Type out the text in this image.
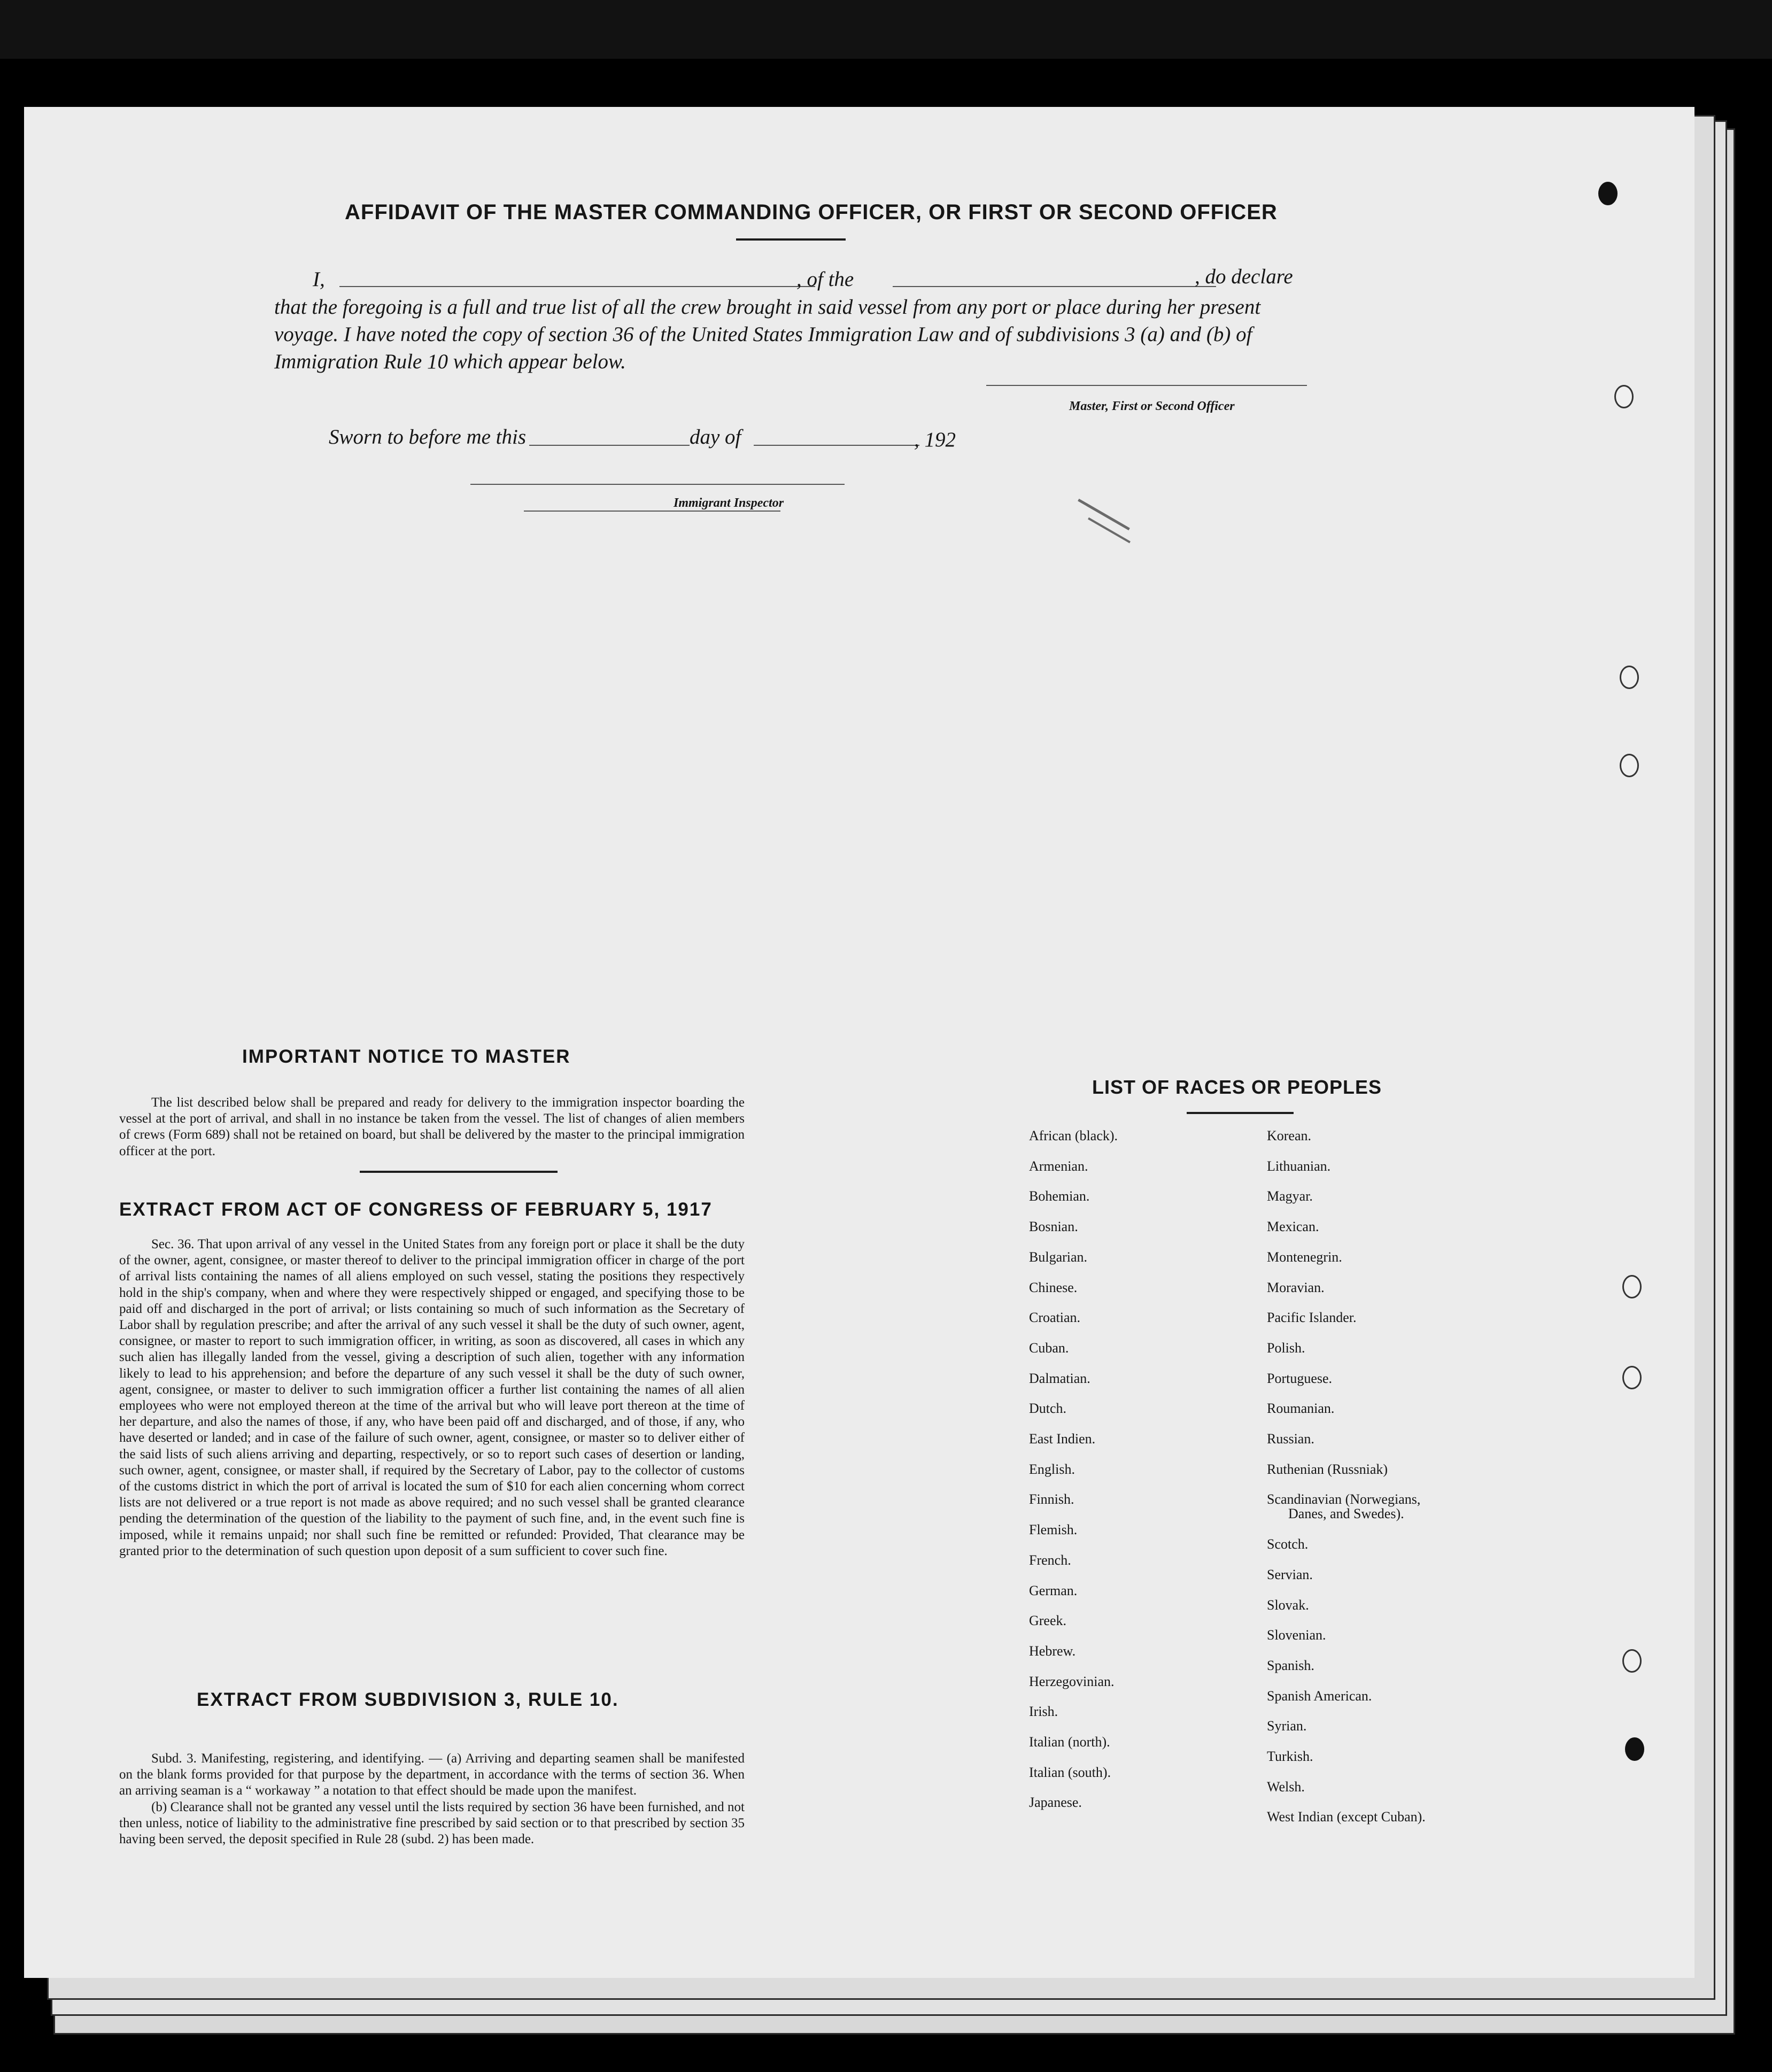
AFFIDAVIT OF THE MASTER COMMANDING OFFICER, OR FIRST OR SECOND OFFICER
I,	, of the	, do declare
that the foregoing is a full and true list of all the crew brought in said vessel from any port or place during her present
voyage. I have noted the copy of section 36 of the United States Immigration Law and of subdivisions 3 (a) and (b) of
Immigration Rule 10 which appear below.
Master, First or Second Officer
Sworn to before me this	day of	, 192
Immigrant Inspector
IMPORTANT NOTICE TO MASTER
The list described below shall be prepared and ready for delivery to the immigration inspector boarding the vessel at the port of arrival, and shall in no instance be taken from the vessel. The list of changes of alien members of crews (Form 689) shall not be retained on board, but shall be delivered by the master to the principal immigration officer at the port.
EXTRACT FROM ACT OF CONGRESS OF FEBRUARY 5, 1917
Sec. 36. That upon arrival of any vessel in the United States from any foreign port or place it shall be the duty of the owner, agent, consignee, or master thereof to deliver to the principal immigration officer in charge of the port of arrival lists containing the names of all aliens employed on such vessel, stating the positions they respectively hold in the ship's company, when and where they were respectively shipped or engaged, and specifying those to be paid off and discharged in the port of arrival; or lists containing so much of such information as the Secretary of Labor shall by regulation prescribe; and after the arrival of any such vessel it shall be the duty of such owner, agent, consignee, or master to report to such immigration officer, in writing, as soon as discovered, all cases in which any such alien has illegally landed from the vessel, giving a description of such alien, together with any information likely to lead to his apprehension; and before the departure of any such vessel it shall be the duty of such owner, agent, consignee, or master to deliver to such immigration officer a further list containing the names of all alien employees who were not employed thereon at the time of the arrival but who will leave port thereon at the time of her departure, and also the names of those, if any, who have been paid off and discharged, and of those, if any, who have deserted or landed; and in case of the failure of such owner, agent, consignee, or master so to deliver either of the said lists of such aliens arriving and departing, respectively, or so to report such cases of desertion or landing, such owner, agent, consignee, or master shall, if required by the Secretary of Labor, pay to the collector of customs of the customs district in which the port of arrival is located the sum of $10 for each alien concerning whom correct lists are not delivered or a true report is not made as above required; and no such vessel shall be granted clearance pending the determination of the question of the liability to the payment of such fine, and, in the event such fine is imposed, while it remains unpaid; nor shall such fine be remitted or refunded: Provided, That clearance may be granted prior to the determination of such question upon deposit of a sum sufficient to cover such fine.
EXTRACT FROM SUBDIVISION 3, RULE 10.

Subd. 3. Manifesting, registering, and identifying. — (a) Arriving and departing seamen shall be manifested on the blank forms provided for that purpose by the department, in accordance with the terms of section 36. When an arriving seaman is a “ workaway ” a notation to that effect should be made upon the manifest.

(b) Clearance shall not be granted any vessel until the lists required by section 36 have been furnished, and not then unless, notice of liability to the administrative fine prescribed by said section or to that prescribed by section 35 having been served, the deposit specified in Rule 28 (subd. 2) has been made.

LIST OF RACES OR PEOPLES
African (black).
Armenian.
Bohemian.
Bosnian.
Bulgarian.
Chinese.
Croatian.
Cuban.
Dalmatian.
Dutch.
East Indien.
English.
Finnish.
Flemish.
French.
German.
Greek.
Hebrew.
Herzegovinian.
Irish.
Italian (north).
Italian (south).
Japanese.
Korean.
Lithuanian.
Magyar.
Mexican.
Montenegrin.
Moravian.
Pacific Islander.
Polish.
Portuguese.
Roumanian.
Russian.
Ruthenian (Russniak)
Scandinavian (Norwegians,
Danes, and Swedes).
Scotch.
Servian.
Slovak.
Slovenian.
Spanish.
Spanish American.
Syrian.
Turkish.
Welsh.
West Indian (except Cuban).
